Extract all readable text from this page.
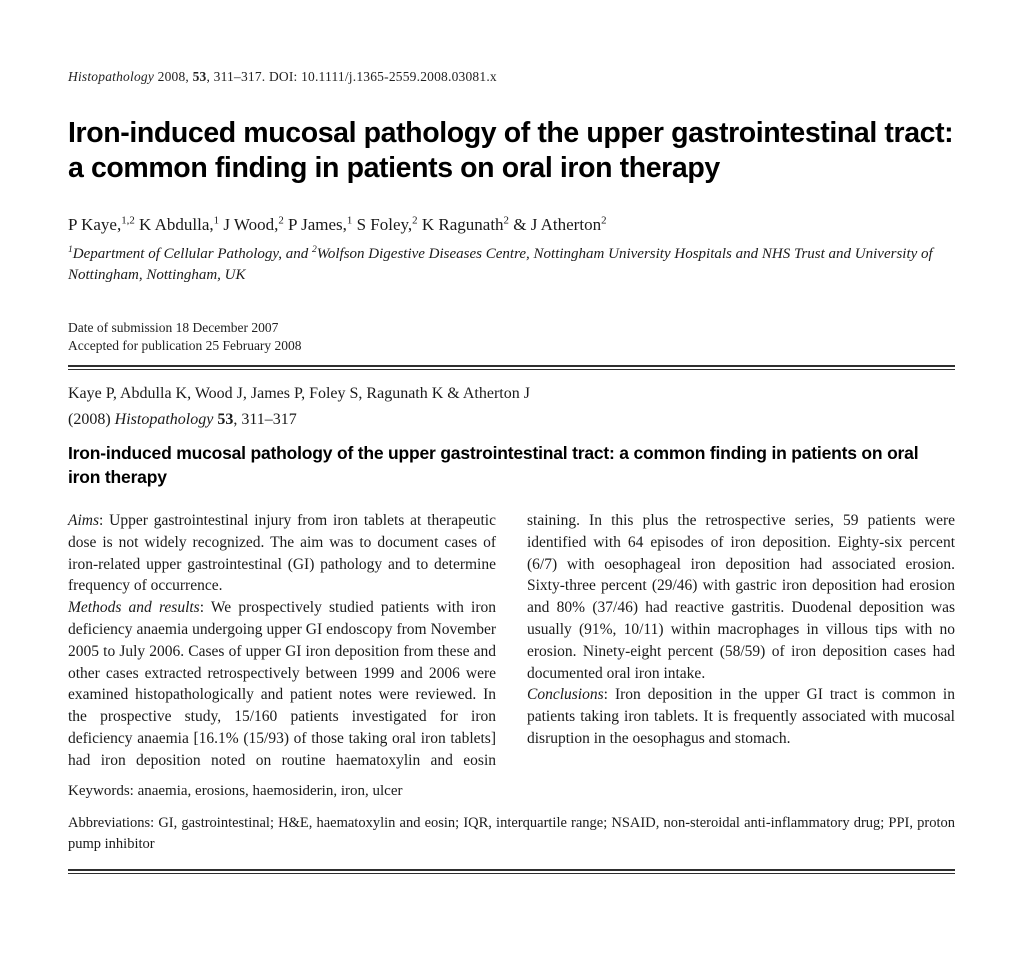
Histopathology 2008, 53, 311–317. DOI: 10.1111/j.1365-2559.2008.03081.x
Iron-induced mucosal pathology of the upper gastrointestinal tract: a common finding in patients on oral iron therapy
P Kaye,$^{1,2}$ K Abdulla,$^1$ J Wood,$^2$ P James,$^1$ S Foley,$^2$ K Ragunath$^2$ & J Atherton$^2$
$^1$Department of Cellular Pathology, and $^2$Wolfson Digestive Diseases Centre, Nottingham University Hospitals and NHS Trust and University of Nottingham, Nottingham, UK
Date of submission 18 December 2007
Accepted for publication 25 February 2008
Kaye P, Abdulla K, Wood J, James P, Foley S, Ragunath K & Atherton J
(2008) Histopathology 53, 311–317
Iron-induced mucosal pathology of the upper gastrointestinal tract: a common finding in patients on oral iron therapy

Aims: Upper gastrointestinal injury from iron tablets at therapeutic dose is not widely recognized. The aim was to document cases of iron-related upper gastrointestinal (GI) pathology and to determine frequency of occurrence.

Methods and results: We prospectively studied patients with iron deficiency anaemia undergoing upper GI endoscopy from November 2005 to July 2006. Cases of upper GI iron deposition from these and other cases extracted retrospectively between 1999 and 2006 were examined histopathologically and patient notes were reviewed. In the prospective study, 15/160 patients investigated for iron deficiency anaemia [16.1% (15/93) of those taking oral iron tablets] had iron deposition noted on routine haematoxylin and eosin staining. In this plus the retrospective series, 59 patients were identified with 64 episodes of iron deposition. Eighty-six percent (6/7) with oesophageal iron deposition had associated erosion. Sixty-three percent (29/46) with gastric iron deposition had erosion and 80% (37/46) had reactive gastritis. Duodenal deposition was usually (91%, 10/11) within macrophages in villous tips with no erosion. Ninety-eight percent (58/59) of iron deposition cases had documented oral iron intake.

Conclusions: Iron deposition in the upper GI tract is common in patients taking iron tablets. It is frequently associated with mucosal disruption in the oesophagus and stomach.

Keywords: anaemia, erosions, haemosiderin, iron, ulcer
Abbreviations: GI, gastrointestinal; H&E, haematoxylin and eosin; IQR, interquartile range; NSAID, non-steroidal anti-inflammatory drug; PPI, proton pump inhibitor
